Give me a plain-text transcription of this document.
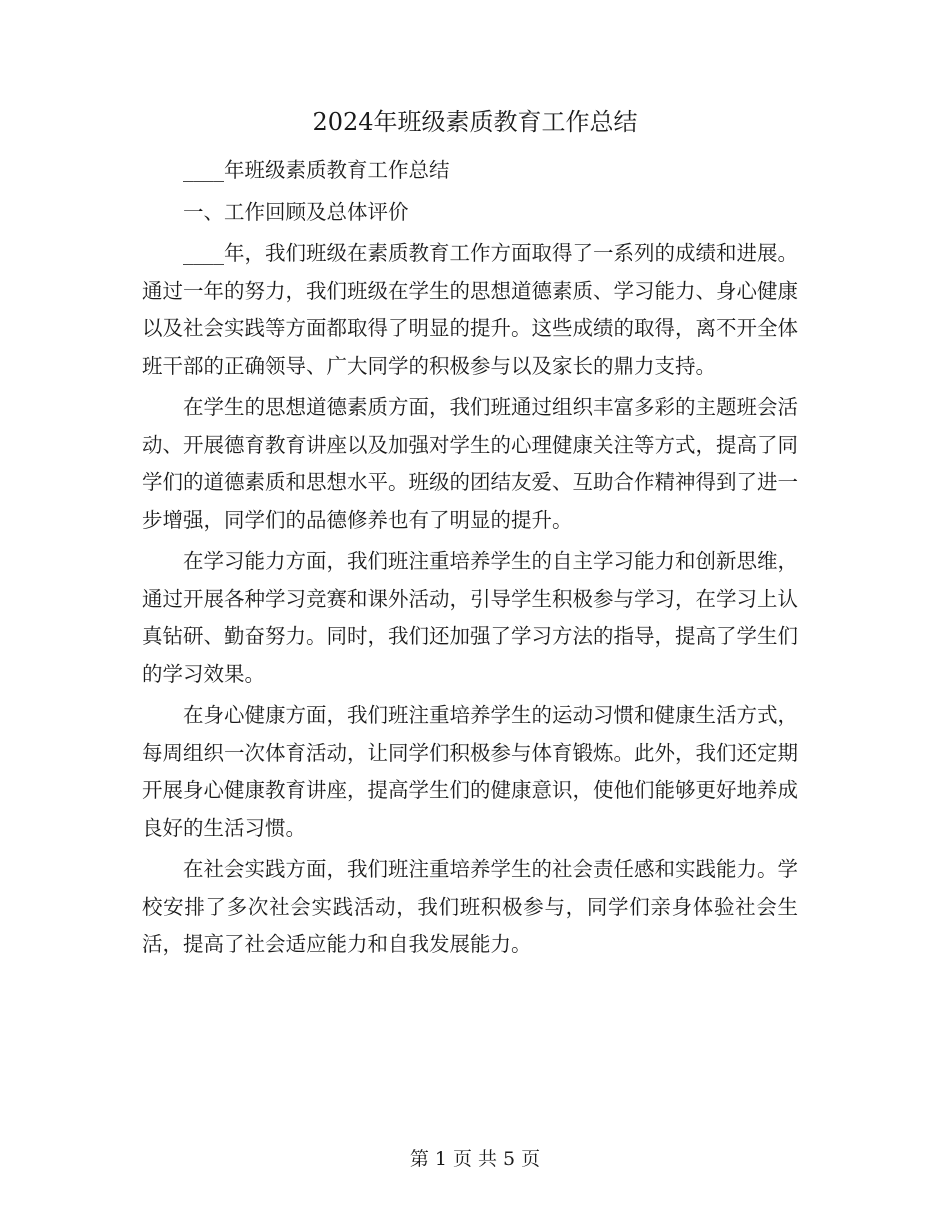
2024年班级素质教育工作总结

____年班级素质教育工作总结

一、工作回顾及总体评价

____年，我们班级在素质教育工作方面取得了一系列的成绩和进展。通过一年的努力，我们班级在学生的思想道德素质、学习能力、身心健康以及社会实践等方面都取得了明显的提升。这些成绩的取得，离不开全体班干部的正确领导、广大同学的积极参与以及家长的鼎力支持。

在学生的思想道德素质方面，我们班通过组织丰富多彩的主题班会活动、开展德育教育讲座以及加强对学生的心理健康关注等方式，提高了同学们的道德素质和思想水平。班级的团结友爱、互助合作精神得到了进一步增强，同学们的品德修养也有了明显的提升。

在学习能力方面，我们班注重培养学生的自主学习能力和创新思维，通过开展各种学习竞赛和课外活动，引导学生积极参与学习，在学习上认真钻研、勤奋努力。同时，我们还加强了学习方法的指导，提高了学生们的学习效果。

在身心健康方面，我们班注重培养学生的运动习惯和健康生活方式，每周组织一次体育活动，让同学们积极参与体育锻炼。此外，我们还定期开展身心健康教育讲座，提高学生们的健康意识，使他们能够更好地养成良好的生活习惯。

在社会实践方面，我们班注重培养学生的社会责任感和实践能力。学校安排了多次社会实践活动，我们班积极参与，同学们亲身体验社会生活，提高了社会适应能力和自我发展能力。

第 1 页 共 5 页
